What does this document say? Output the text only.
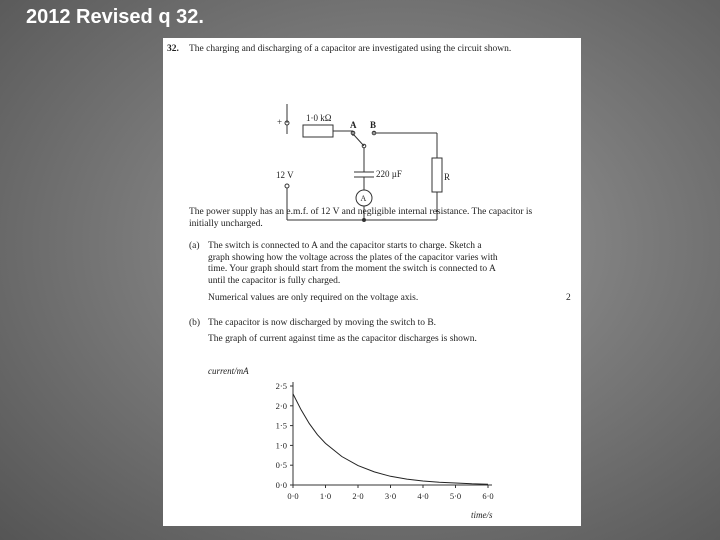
2012 Revised q 32.
32. The charging and discharging of a capacitor are investigated using the circuit shown.
1·0 kΩ
A B
+
12 V	220 µF
A
R
The power supply has an e.m.f. of 12 V and negligible internal resistance. The capacitor is initially uncharged.
(a) The switch is connected to A and the capacitor starts to charge. Sketch a
graph showing how the voltage across the plates of the capacitor varies with
time. Your graph should start from the moment the switch is connected to A
until the capacitor is fully charged.
Numerical values are only required on the voltage axis.	2
(b) The capacitor is now discharged by moving the switch to B.
The graph of current against time as the capacitor discharges is shown.
current/mA
time/s
0·0
0·5
1·0
1·5
2·0
2·5
0·0 1·0 2·0 3·0 4·0 5·0 6·0
